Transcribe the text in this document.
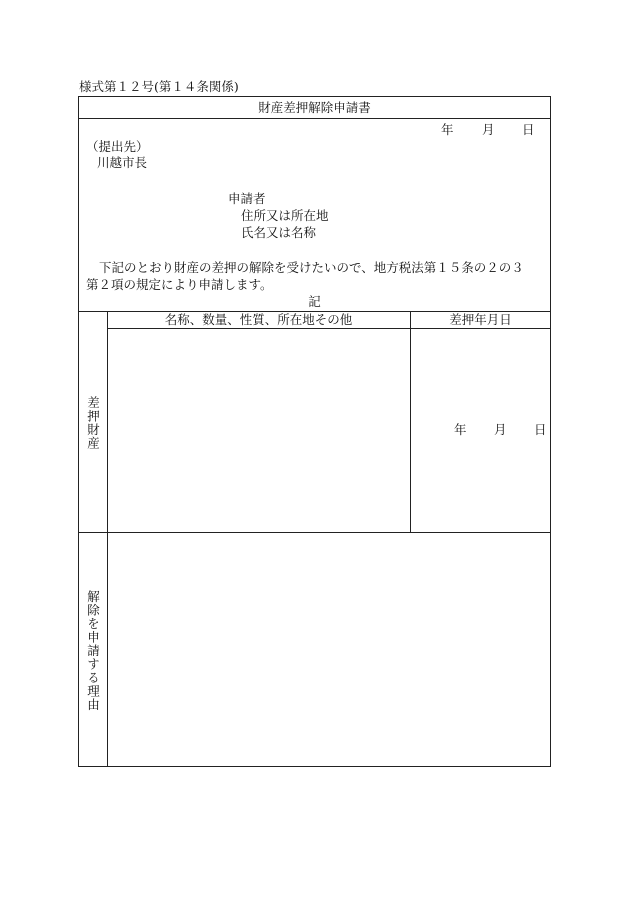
様式第１２号(第１４条関係)
財産差押解除申請書
年 月 日
（提出先）
川越市長
申請者
住所又は所在地
氏名又は名称
下記のとおり財産の差押の解除を受けたいので、地方税法第１５条の２の３
第２項の規定により申請します。
記
名称、数量、性質、所在地その他	差押年月日
差押財産	年 月 日
解除を申請する理由
